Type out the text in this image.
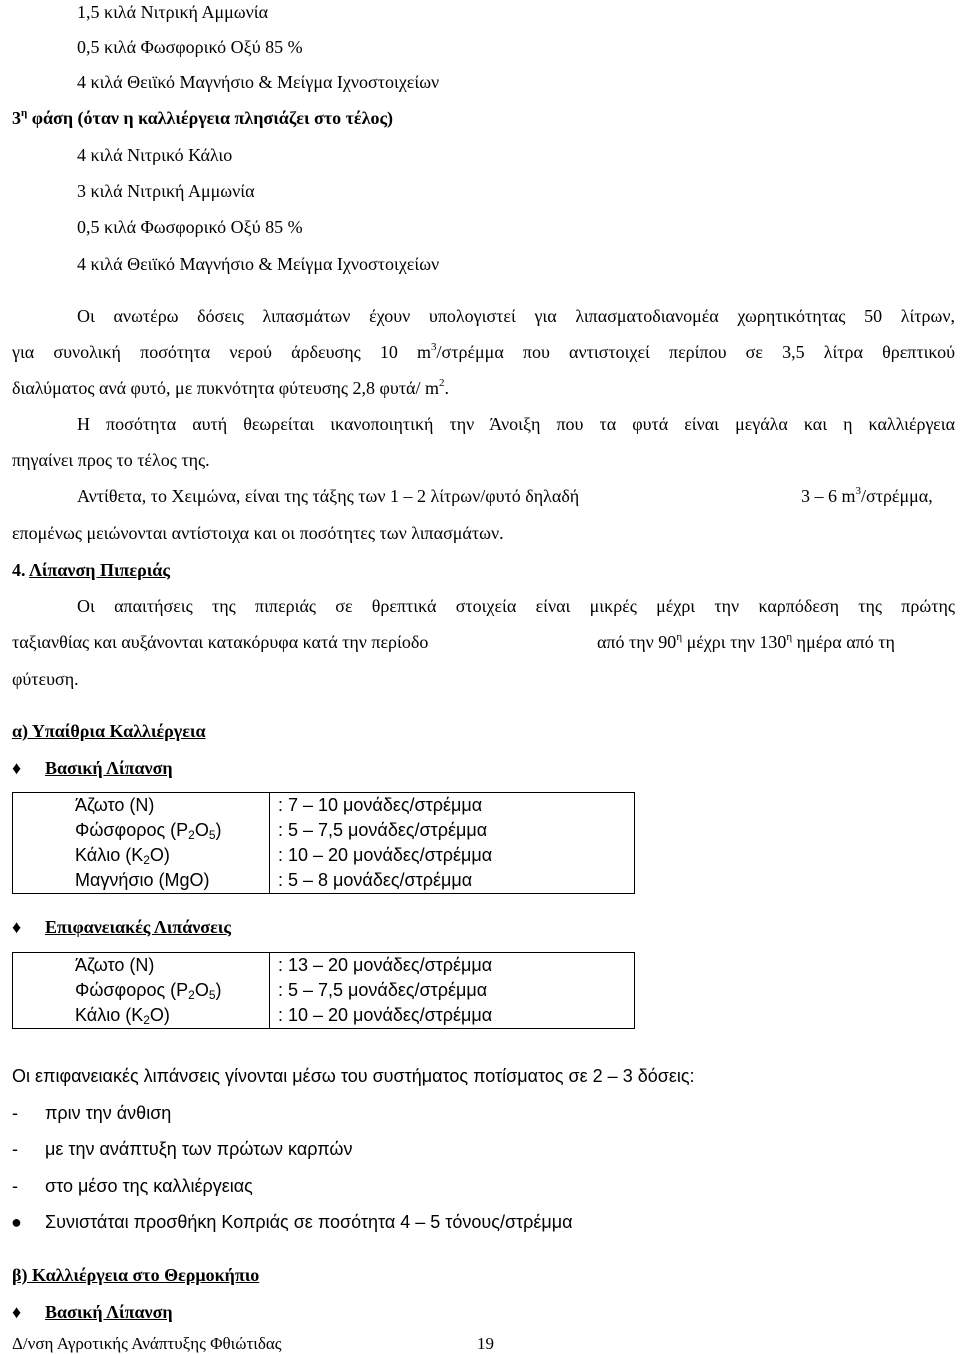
1,5 κιλά Νιτρική Αμμωνία
0,5 κιλά Φωσφορικό Οξύ 85 %
4 κιλά Θειϊκό Μαγνήσιο & Μείγμα Ιχνοστοιχείων
$3^\eta$ φάση (όταν η καλλιέργεια πλησιάζει στο τέλος)
4 κιλά Νιτρικό Κάλιο
3 κιλά Νιτρική Αμμωνία
0,5 κιλά Φωσφορικό Οξύ 85 %
4 κιλά Θειϊκό Μαγνήσιο & Μείγμα Ιχνοστοιχείων
Οι ανωτέρω δόσεις λιπασμάτων έχουν υπολογιστεί για λιπασματοδιανομέα χωρητικότητας 50 λίτρων,
για συνολική ποσότητα νερού άρδευσης 10 $m^3$/στρέμμα που αντιστοιχεί περίπου σε 3,5 λίτρα θρεπτικού
διαλύματος ανά φυτό, με πυκνότητα φύτευσης 2,8 φυτά/ $m^2$.
Η ποσότητα αυτή θεωρείται ικανοποιητική την Άνοιξη που τα φυτά είναι μεγάλα και η καλλιέργεια
πηγαίνει προς το τέλος της.
Αντίθετα, το Χειμώνα, είναι της τάξης των 1 – 2 λίτρων/φυτό δηλαδή	3 – 6 $m^3$/στρέμμα,
επομένως μειώνονται αντίστοιχα και οι ποσότητες των λιπασμάτων.
4. Λίπανση Πιπεριάς
Οι απαιτήσεις της πιπεριάς σε θρεπτικά στοιχεία είναι μικρές μέχρι την καρπόδεση της πρώτης
ταξιανθίας και αυξάνονται κατακόρυφα κατά την περίοδο	από την $90^\eta$ μέχρι την $130^\eta$ ημέρα από τη
φύτευση.
α) Υπαίθρια Καλλιέργεια
♦ Βασική Λίπανση
Άζωτο (N)	: 7 – 10 μονάδες/στρέμμα
Φώσφορος $(P_2O_5)$	: 5 – 7,5 μονάδες/στρέμμα
Κάλιο $(K_2O)$	: 10 – 20 μονάδες/στρέμμα
Μαγνήσιο (MgO)	: 5 – 8 μονάδες/στρέμμα
♦ Επιφανειακές Λιπάνσεις
Άζωτο (N)	: 13 – 20 μονάδες/στρέμμα
Φώσφορος $(P_2O_5)$	: 5 – 7,5 μονάδες/στρέμμα
Κάλιο $(K_2O)$	: 10 – 20 μονάδες/στρέμμα
Οι επιφανειακές λιπάνσεις γίνονται μέσω του συστήματος ποτίσματος σε 2 – 3 δόσεις:
- πριν την άνθιση
- με την ανάπτυξη των πρώτων καρπών
- στο μέσο της καλλιέργειας
● Συνιστάται προσθήκη Κοπριάς σε ποσότητα 4 – 5 τόνους/στρέμμα
β) Καλλιέργεια στο Θερμοκήπιο
♦ Βασική Λίπανση
Δ/νση Αγροτικής Ανάπτυξης Φθιώτιδας	19
